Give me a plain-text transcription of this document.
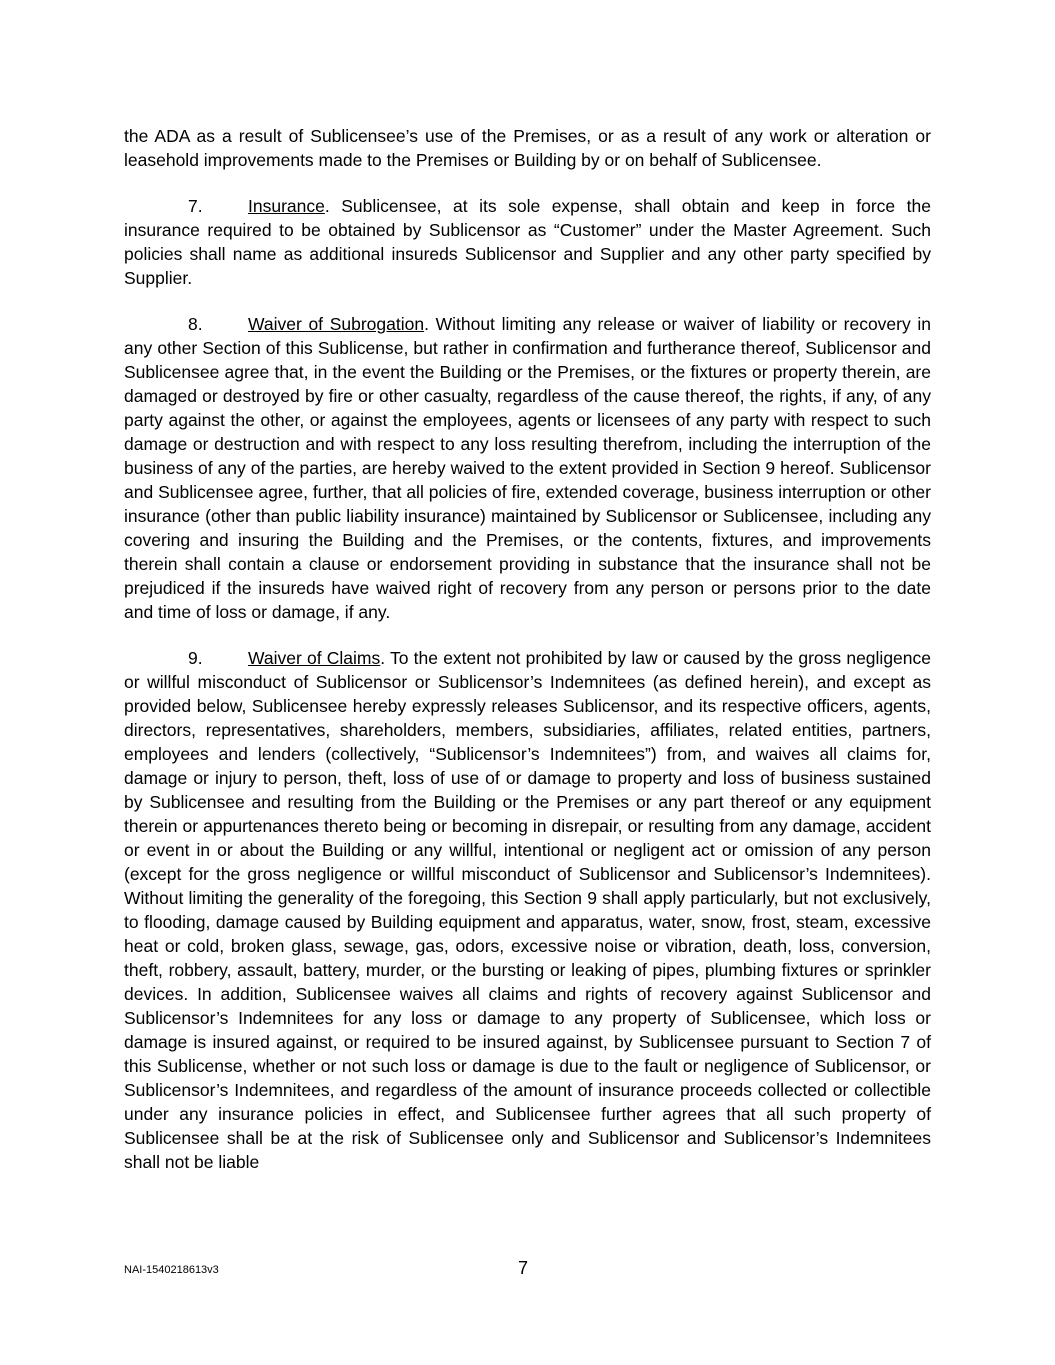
the ADA as a result of Sublicensee’s use of the Premises, or as a result of any work or alteration or leasehold improvements made to the Premises or Building by or on behalf of Sublicensee.

7.	Insurance. Sublicensee, at its sole expense, shall obtain and keep in force the insurance required to be obtained by Sublicensor as “Customer” under the Master Agreement. Such policies shall name as additional insureds Sublicensor and Supplier and any other party specified by Supplier.

8.	Waiver of Subrogation. Without limiting any release or waiver of liability or recovery in any other Section of this Sublicense, but rather in confirmation and furtherance thereof, Sublicensor and Sublicensee agree that, in the event the Building or the Premises, or the fixtures or property therein, are damaged or destroyed by fire or other casualty, regardless of the cause thereof, the rights, if any, of any party against the other, or against the employees, agents or licensees of any party with respect to such damage or destruction and with respect to any loss resulting therefrom, including the interruption of the business of any of the parties, are hereby waived to the extent provided in Section 9 hereof. Sublicensor and Sublicensee agree, further, that all policies of fire, extended coverage, business interruption or other insurance (other than public liability insurance) maintained by Sublicensor or Sublicensee, including any covering and insuring the Building and the Premises, or the contents, fixtures, and improvements therein shall contain a clause or endorsement providing in substance that the insurance shall not be prejudiced if the insureds have waived right of recovery from any person or persons prior to the date and time of loss or damage, if any.

9.	Waiver of Claims. To the extent not prohibited by law or caused by the gross negligence or willful misconduct of Sublicensor or Sublicensor’s Indemnitees (as defined herein), and except as provided below, Sublicensee hereby expressly releases Sublicensor, and its respective officers, agents, directors, representatives, shareholders, members, subsidiaries, affiliates, related entities, partners, employees and lenders (collectively, “Sublicensor’s Indemnitees”) from, and waives all claims for, damage or injury to person, theft, loss of use of or damage to property and loss of business sustained by Sublicensee and resulting from the Building or the Premises or any part thereof or any equipment therein or appurtenances thereto being or becoming in disrepair, or resulting from any damage, accident or event in or about the Building or any willful, intentional or negligent act or omission of any person (except for the gross negligence or willful misconduct of Sublicensor and Sublicensor’s Indemnitees). Without limiting the generality of the foregoing, this Section 9 shall apply particularly, but not exclusively, to flooding, damage caused by Building equipment and apparatus, water, snow, frost, steam, excessive heat or cold, broken glass, sewage, gas, odors, excessive noise or vibration, death, loss, conversion, theft, robbery, assault, battery, murder, or the bursting or leaking of pipes, plumbing fixtures or sprinkler devices. In addition, Sublicensee waives all claims and rights of recovery against Sublicensor and Sublicensor’s Indemnitees for any loss or damage to any property of Sublicensee, which loss or damage is insured against, or required to be insured against, by Sublicensee pursuant to Section 7 of this Sublicense, whether or not such loss or damage is due to the fault or negligence of Sublicensor, or Sublicensor’s Indemnitees, and regardless of the amount of insurance proceeds collected or collectible under any insurance policies in effect, and Sublicensee further agrees that all such property of Sublicensee shall be at the risk of Sublicensee only and Sublicensor and Sublicensor’s Indemnitees shall not be liable

NAI-1540218613v3	7
